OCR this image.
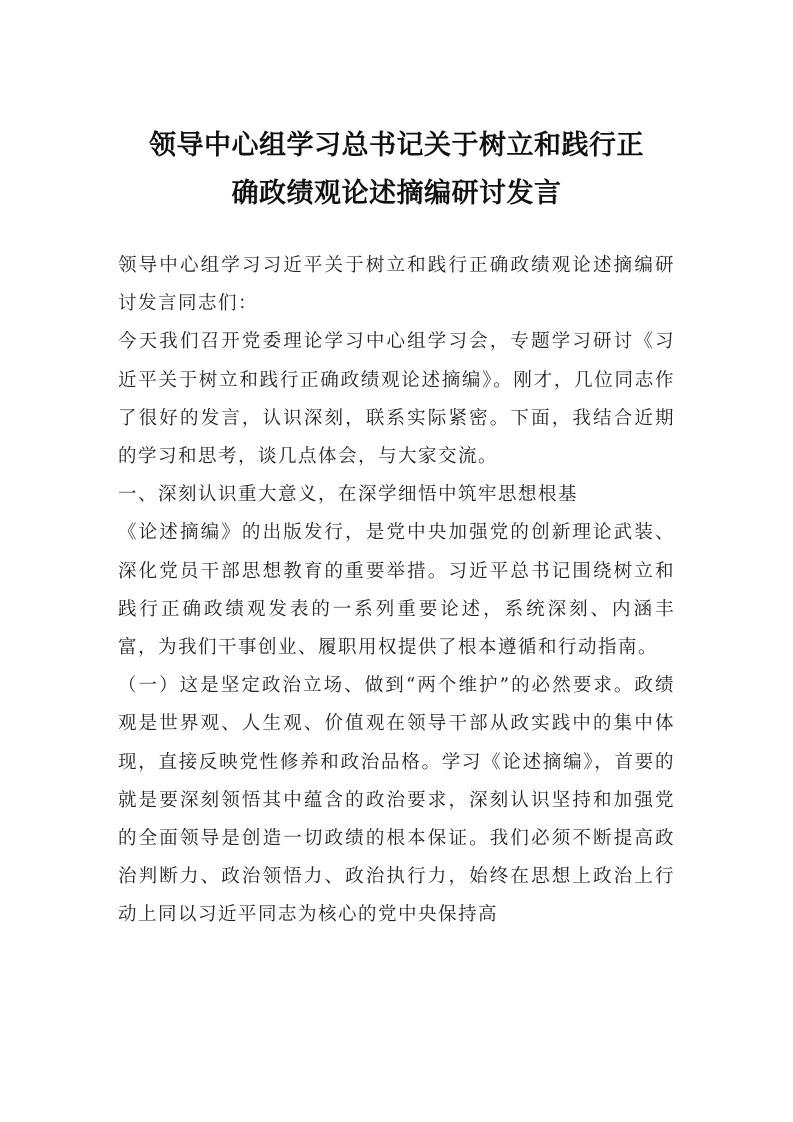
领导中心组学习总书记关于树立和践行正
确政绩观论述摘编研讨发言

领导中心组学习习近平关于树立和践行正确政绩观论述摘编研讨发言同志们：

今天我们召开党委理论学习中心组学习会，专题学习研讨《习近平关于树立和践行正确政绩观论述摘编》。刚才，几位同志作了很好的发言，认识深刻，联系实际紧密。下面，我结合近期的学习和思考，谈几点体会，与大家交流。

一、深刻认识重大意义，在深学细悟中筑牢思想根基

《论述摘编》的出版发行，是党中央加强党的创新理论武装、深化党员干部思想教育的重要举措。习近平总书记围绕树立和践行正确政绩观发表的一系列重要论述，系统深刻、内涵丰富，为我们干事创业、履职用权提供了根本遵循和行动指南。

（一）这是坚定政治立场、做到“两个维护”的必然要求。政绩观是世界观、人生观、价值观在领导干部从政实践中的集中体现，直接反映党性修养和政治品格。学习《论述摘编》，首要的就是要深刻领悟其中蕴含的政治要求，深刻认识坚持和加强党的全面领导是创造一切政绩的根本保证。我们必须不断提高政治判断力、政治领悟力、政治执行力，始终在思想上政治上行动上同以习近平同志为核心的党中央保持高
